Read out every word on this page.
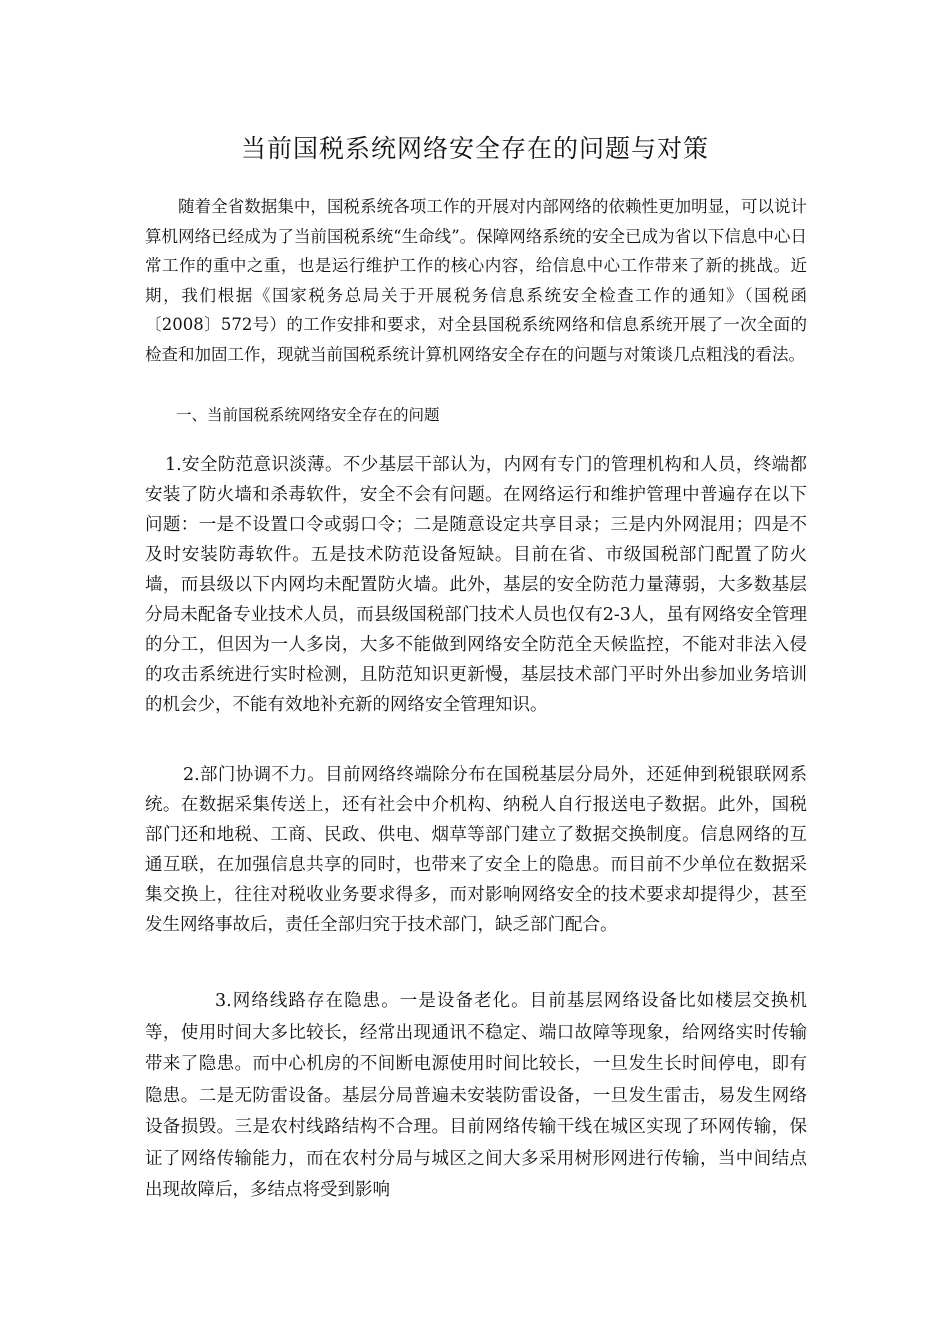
当前国税系统网络安全存在的问题与对策

随着全省数据集中，国税系统各项工作的开展对内部网络的依赖性更加明显，可以说计算机网络已经成为了当前国税系统“生命线”。保障网络系统的安全已成为省以下信息中心日常工作的重中之重，也是运行维护工作的核心内容，给信息中心工作带来了新的挑战。近期，我们根据《国家税务总局关于开展税务信息系统安全检查工作的通知》（国税函〔2008〕572号）的工作安排和要求，对全县国税系统网络和信息系统开展了一次全面的检查和加固工作，现就当前国税系统计算机网络安全存在的问题与对策谈几点粗浅的看法。

一、当前国税系统网络安全存在的问题

1.安全防范意识淡薄。不少基层干部认为，内网有专门的管理机构和人员，终端都安装了防火墙和杀毒软件，安全不会有问题。在网络运行和维护管理中普遍存在以下问题：一是不设置口令或弱口令；二是随意设定共享目录；三是内外网混用；四是不及时安装防毒软件。五是技术防范设备短缺。目前在省、市级国税部门配置了防火墙，而县级以下内网均未配置防火墙。此外，基层的安全防范力量薄弱，大多数基层分局未配备专业技术人员，而县级国税部门技术人员也仅有2-3人，虽有网络安全管理的分工，但因为一人多岗，大多不能做到网络安全防范全天候监控，不能对非法入侵的攻击系统进行实时检测，且防范知识更新慢，基层技术部门平时外出参加业务培训的机会少，不能有效地补充新的网络安全管理知识。

2.部门协调不力。目前网络终端除分布在国税基层分局外，还延伸到税银联网系统。在数据采集传送上，还有社会中介机构、纳税人自行报送电子数据。此外，国税部门还和地税、工商、民政、供电、烟草等部门建立了数据交换制度。信息网络的互通互联，在加强信息共享的同时，也带来了安全上的隐患。而目前不少单位在数据采集交换上，往往对税收业务要求得多，而对影响网络安全的技术要求却提得少，甚至发生网络事故后，责任全部归究于技术部门，缺乏部门配合。

3.网络线路存在隐患。一是设备老化。目前基层网络设备比如楼层交换机等，使用时间大多比较长，经常出现通讯不稳定、端口故障等现象，给网络实时传输带来了隐患。而中心机房的不间断电源使用时间比较长，一旦发生长时间停电，即有隐患。二是无防雷设备。基层分局普遍未安装防雷设备，一旦发生雷击，易发生网络设备损毁。三是农村线路结构不合理。目前网络传输干线在城区实现了环网传输，保证了网络传输能力，而在农村分局与城区之间大多采用树形网进行传输，当中间结点出现故障后，多结点将受到影响
